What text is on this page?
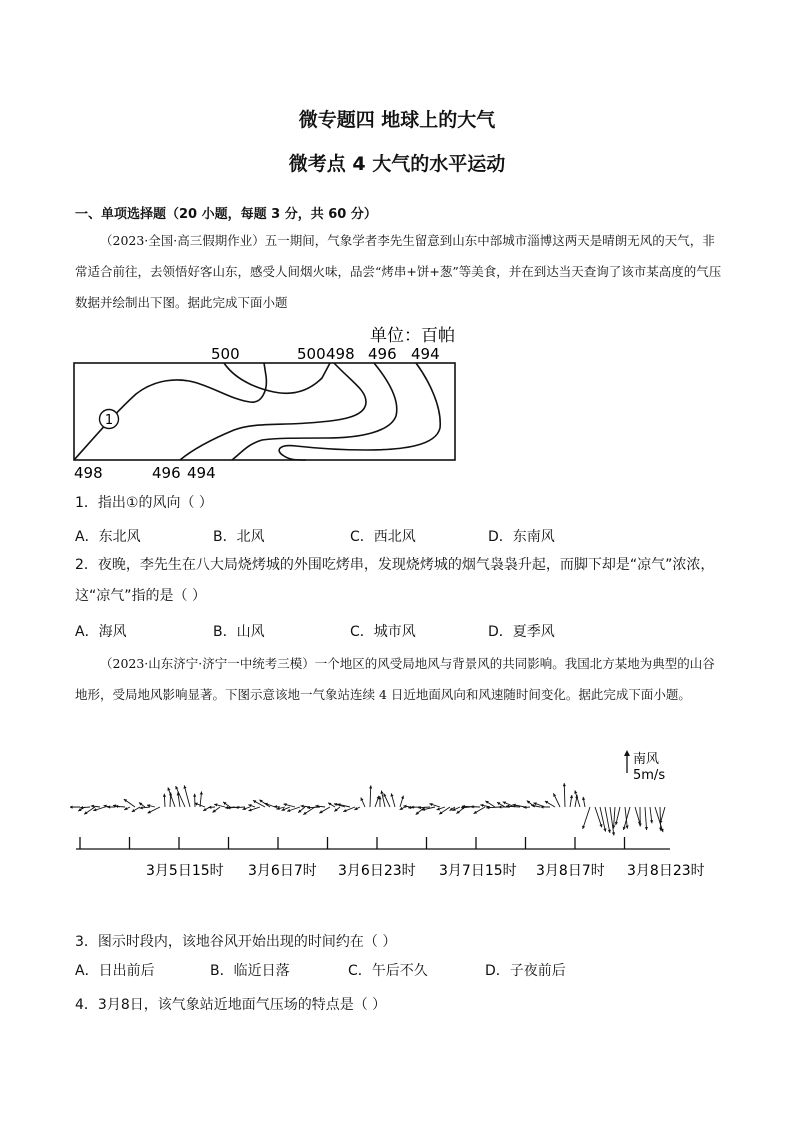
微专题四 地球上的大气
微考点 4 大气的水平运动
一、单项选择题（20 小题，每题 3 分，共 60 分）
（2023·全国·高三假期作业）五一期间，气象学者李先生留意到山东中部城市淄博这两天是晴朗无风的天气，非常适合前往，去领悟好客山东，感受人间烟火味，品尝“烤串+饼+葱”等美食，并在到达当天查询了该市某高度的气压数据并绘制出下图。据此完成下面小题
单位：百帕
500	500 498 496 494
1
498	496 494
1．指出①的风向（ ）
A．东北风	B．北风	C．西北风	D．东南风
2．夜晚，李先生在八大局烧烤城的外围吃烤串，发现烧烤城的烟气袅袅升起，而脚下却是“凉气”浓浓，这“凉气”指的是（ ）
A．海风	B．山风	C．城市风	D．夏季风
（2023·山东济宁·济宁一中统考三模）一个地区的风受局地风与背景风的共同影响。我国北方某地为典型的山谷地形，受局地风影响显著。下图示意该地一气象站连续 4 日近地面风向和风速随时间变化。据此完成下面小题。
南风
5m/s
3月5日15时 3月6日7时 3月6日23时 3月7日15时 3月8日7时 3月8日23时
3．图示时段内，该地谷风开始出现的时间约在（ ）
A．日出前后	B．临近日落	C．午后不久	D．子夜前后
4．3月8日，该气象站近地面气压场的特点是（ ）
